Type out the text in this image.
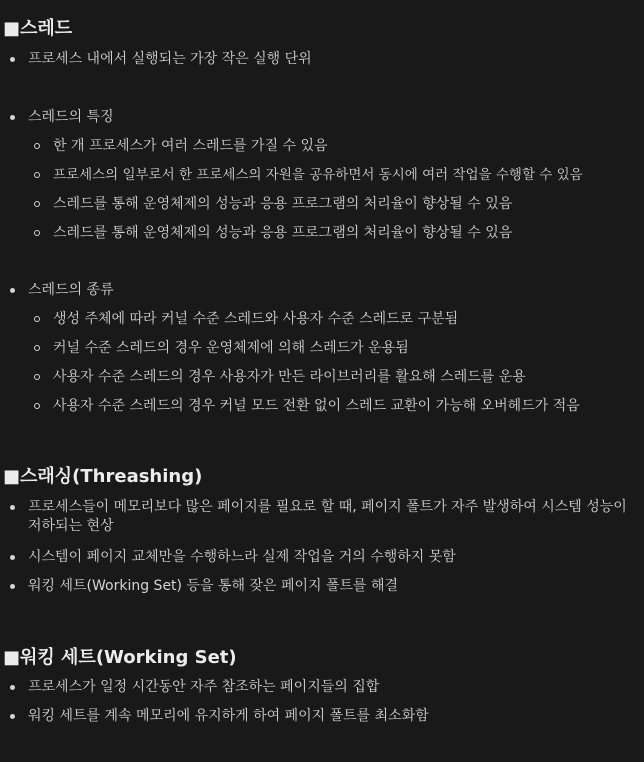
■스레드
프로세스 내에서 실행되는 가장 작은 실행 단위
스레드의 특징
한 개 프로세스가 여러 스레드를 가질 수 있음
프로세스의 일부로서 한 프로세스의 자원을 공유하면서 동시에 여러 작업을 수행할 수 있음
스레드를 통해 운영체제의 성능과 응용 프로그램의 처리율이 향상될 수 있음
스레드를 통해 운영체제의 성능과 응용 프로그램의 처리율이 향상될 수 있음
스레드의 종류
생성 주체에 따라 커널 수준 스레드와 사용자 수준 스레드로 구분됨
커널 수준 스레드의 경우 운영체제에 의해 스레드가 운용됨
사용자 수준 스레드의 경우 사용자가 만든 라이브러리를 활요해 스레드를 운용
사용자 수준 스레드의 경우 커널 모드 전환 없이 스레드 교환이 가능해 오버헤드가 적음
■스래싱(Threashing)
프로세스들이 메모리보다 많은 페이지를 필요로 할 때, 페이지 폴트가 자주 발생하여 시스템 성능이 저하되는 현상
시스템이 페이지 교체만을 수행하느라 실제 작업을 거의 수행하지 못함
워킹 세트(Working Set) 등을 통해 잦은 페이지 폴트를 해결
■워킹 세트(Working Set)
프로세스가 일정 시간동안 자주 참조하는 페이지들의 집합
워킹 세트를 계속 메모리에 유지하게 하여 페이지 폴트를 최소화함
